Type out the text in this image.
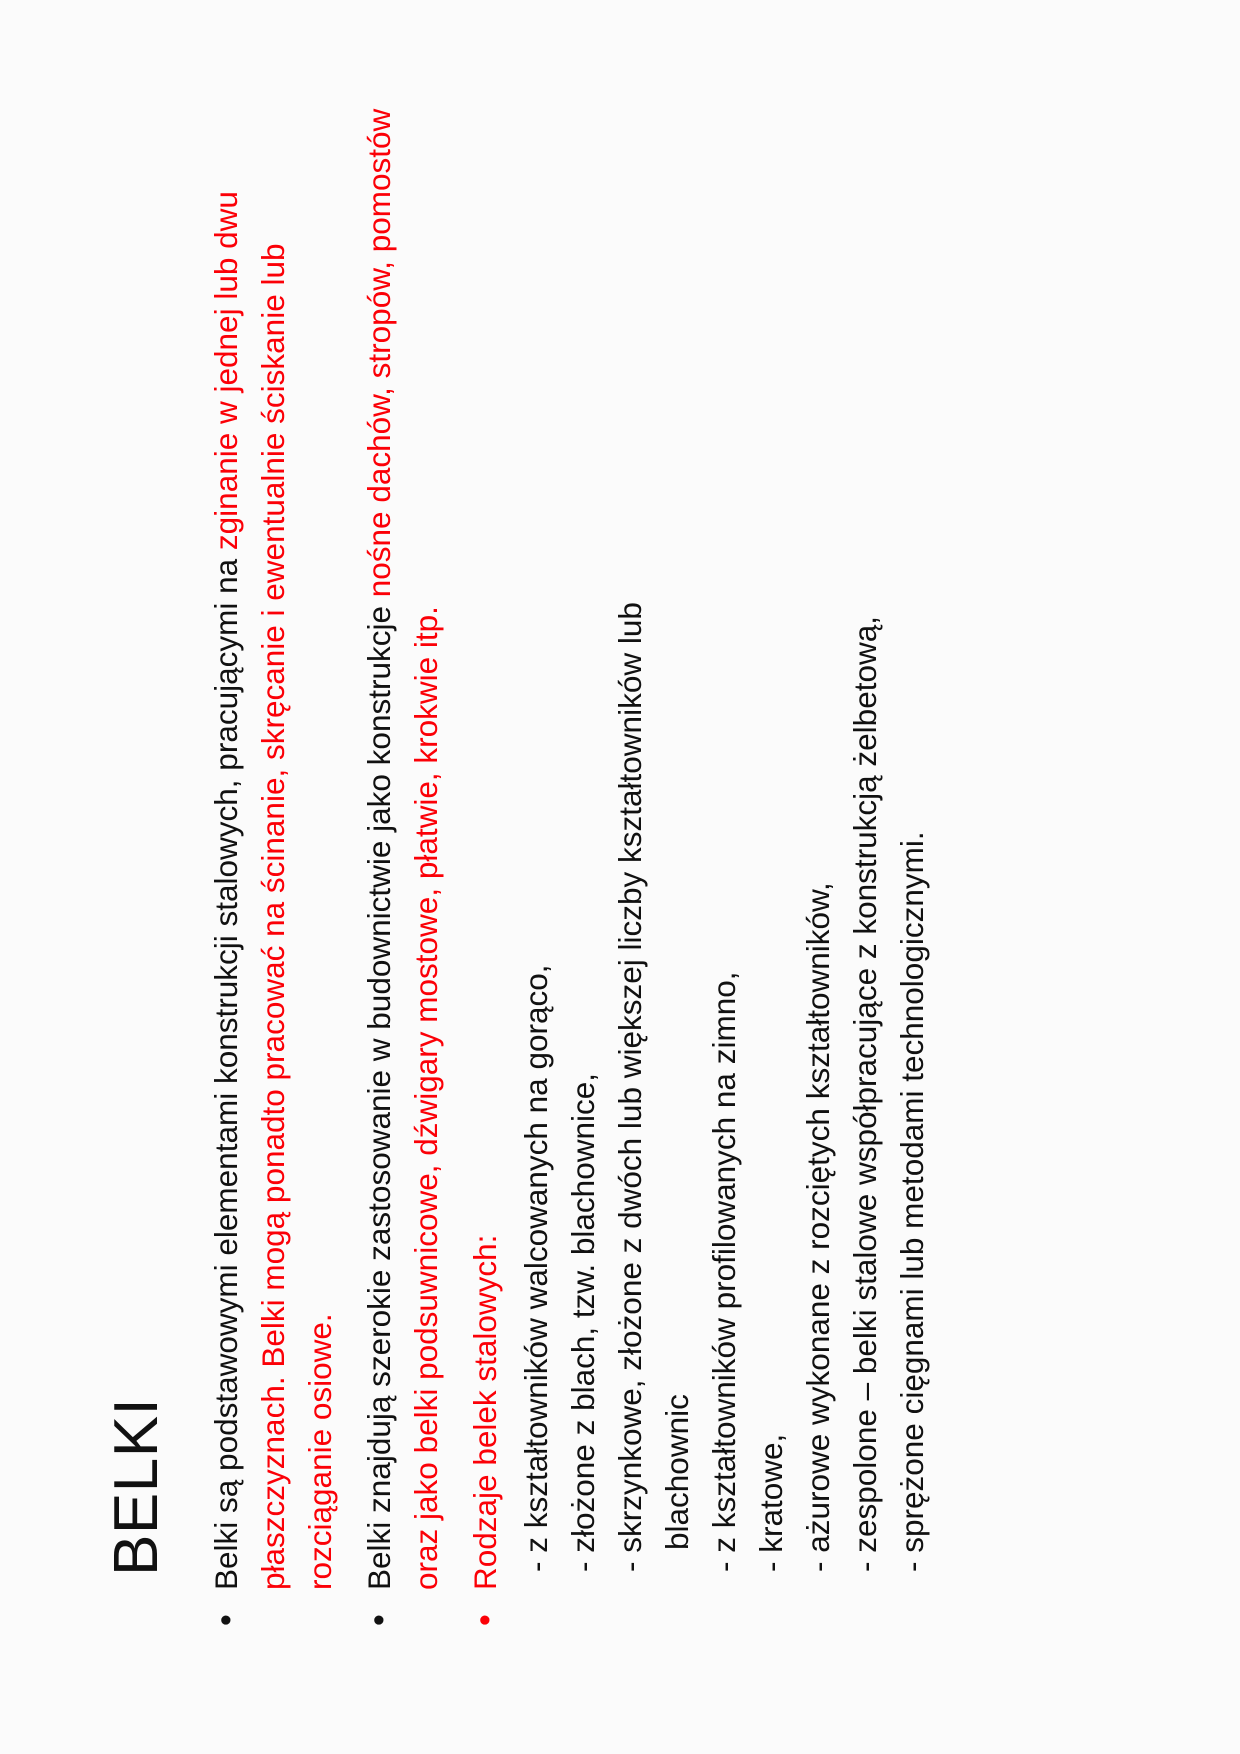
BELKI
•
Belki są podstawowymi elementami konstrukcji stalowych, pracującymi na zginanie w jednej lub dwu płaszczyznach. Belki mogą ponadto pracować na ścinanie, skręcanie i ewentualnie ściskanie lub rozciąganie osiowe.
•
Belki znajdują szerokie zastosowanie w budownictwie jako konstrukcje nośne dachów, stropów, pomostów oraz jako belki podsuwnicowe, dźwigary mostowe, płatwie, krokwie itp.
•
Rodzaje belek stalowych: - z kształtowników walcowanych na gorąco, - złożone z blach, tzw. blachownice, - skrzynkowe, złożone z dwóch lub większej liczby kształtowników lub blachownic - z kształtowników profilowanych na zimno, - kratowe, - ażurowe wykonane z rozciętych kształtowników, - zespolone – belki stalowe współpracujące z konstrukcją żelbetową, - sprężone cięgnami lub metodami technologicznymi.
